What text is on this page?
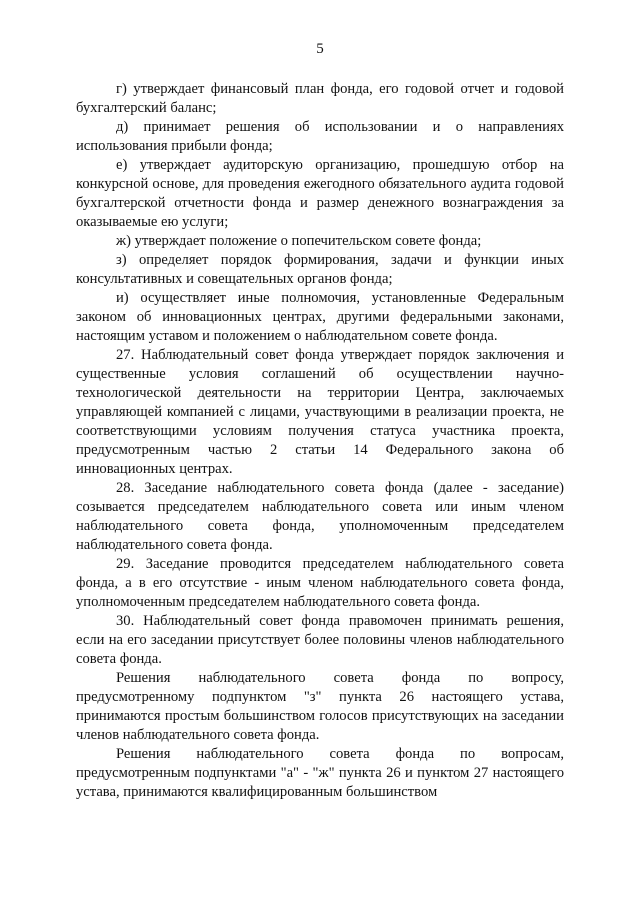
5

г) утверждает финансовый план фонда, его годовой отчет и годовой бухгалтерский баланс;

д) принимает решения об использовании и о направлениях использования прибыли фонда;

е) утверждает аудиторскую организацию, прошедшую отбор на конкурсной основе, для проведения ежегодного обязательного аудита годовой бухгалтерской отчетности фонда и размер денежного вознаграждения за оказываемые ею услуги;

ж) утверждает положение о попечительском совете фонда;

з) определяет порядок формирования, задачи и функции иных консультативных и совещательных органов фонда;

и) осуществляет иные полномочия, установленные Федеральным законом об инновационных центрах, другими федеральными законами, настоящим уставом и положением о наблюдательном совете фонда.

27. Наблюдательный совет фонда утверждает порядок заключения и существенные условия соглашений об осуществлении научно-технологической деятельности на территории Центра, заключаемых управляющей компанией с лицами, участвующими в реализации проекта, не соответствующими условиям получения статуса участника проекта, предусмотренным частью 2 статьи 14 Федерального закона об инновационных центрах.

28. Заседание наблюдательного совета фонда (далее - заседание) созывается председателем наблюдательного совета или иным членом наблюдательного совета фонда, уполномоченным председателем наблюдательного совета фонда.

29. Заседание проводится председателем наблюдательного совета фонда, а в его отсутствие - иным членом наблюдательного совета фонда, уполномоченным председателем наблюдательного совета фонда.

30. Наблюдательный совет фонда правомочен принимать решения, если на его заседании присутствует более половины членов наблюдательного совета фонда.

Решения наблюдательного совета фонда по вопросу, предусмотренному подпунктом "з" пункта 26 настоящего устава, принимаются простым большинством голосов присутствующих на заседании членов наблюдательного совета фонда.

Решения наблюдательного совета фонда по вопросам, предусмотренным подпунктами "а" - "ж" пункта 26 и пунктом 27 настоящего устава, принимаются квалифицированным большинством
